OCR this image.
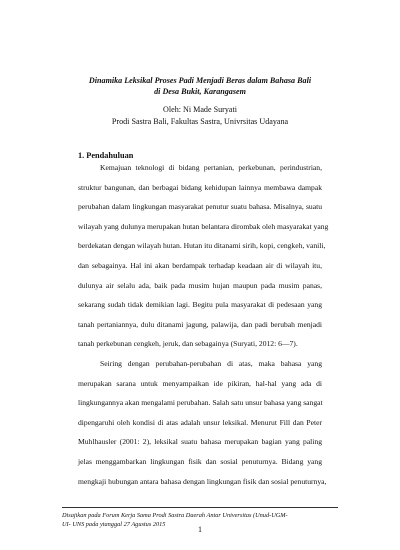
Dinamika Leksikal Proses Padi Menjadi Beras dalam Bahasa Bali
di Desa Bukit, Karangasem
Oleh: Ni Made Suryati
Prodi Sastra Bali, Fakultas Sastra, Univrsitas Udayana
1. Pendahuluan
Kemajuan teknologi di bidang pertanian, perkebunan, perindustrian,
struktur bangunan, dan berbagai bidang kehidupan lainnya membawa dampak
perubahan dalam lingkungan masyarakat penutur suatu bahasa. Misalnya, suatu
wilayah yang dulunya merupakan hutan belantara dirombak oleh masyarakat yang
berdekatan dengan wilayah hutan. Hutan itu ditanami sirih, kopi, cengkeh, vanili,
dan sebagainya. Hal ini akan berdampak terhadap keadaan air di wilayah itu,
dulunya air selalu ada, baik pada musim hujan maupun pada musim panas,
sekarang sudah tidak demikian lagi. Begitu pula masyarakat di pedesaan yang
tanah pertaniannya, dulu ditanami jagung, palawija, dan padi berubah menjadi
tanah perkebunan cengkeh, jeruk, dan sebagainya (Suryati, 2012: 6—7).
Seiring dengan perubahan-perubahan di atas, maka bahasa yang
merupakan sarana untuk menyampaikan ide pikiran, hal-hal yang ada di
lingkungannya akan mengalami perubahan. Salah satu unsur bahasa yang sangat
dipengaruhi oleh kondisi di atas adalah unsur leksikal. Menurut Fill dan Peter
Muhlhausler (2001: 2), leksikal suatu bahasa merupakan bagian yang paling
jelas menggambarkan lingkungan fisik dan sosial penuturnya. Bidang yang
mengkaji hubungan antara bahasa dengan lingkungan fisik dan sosial penuturnya,
Disajikan pada Forum Kerja Sama Prodi Sastra Daerah Antar Universitas (Unud-UGM-
UI- UNS pada ytanggal 27 Agustus 2015
1
